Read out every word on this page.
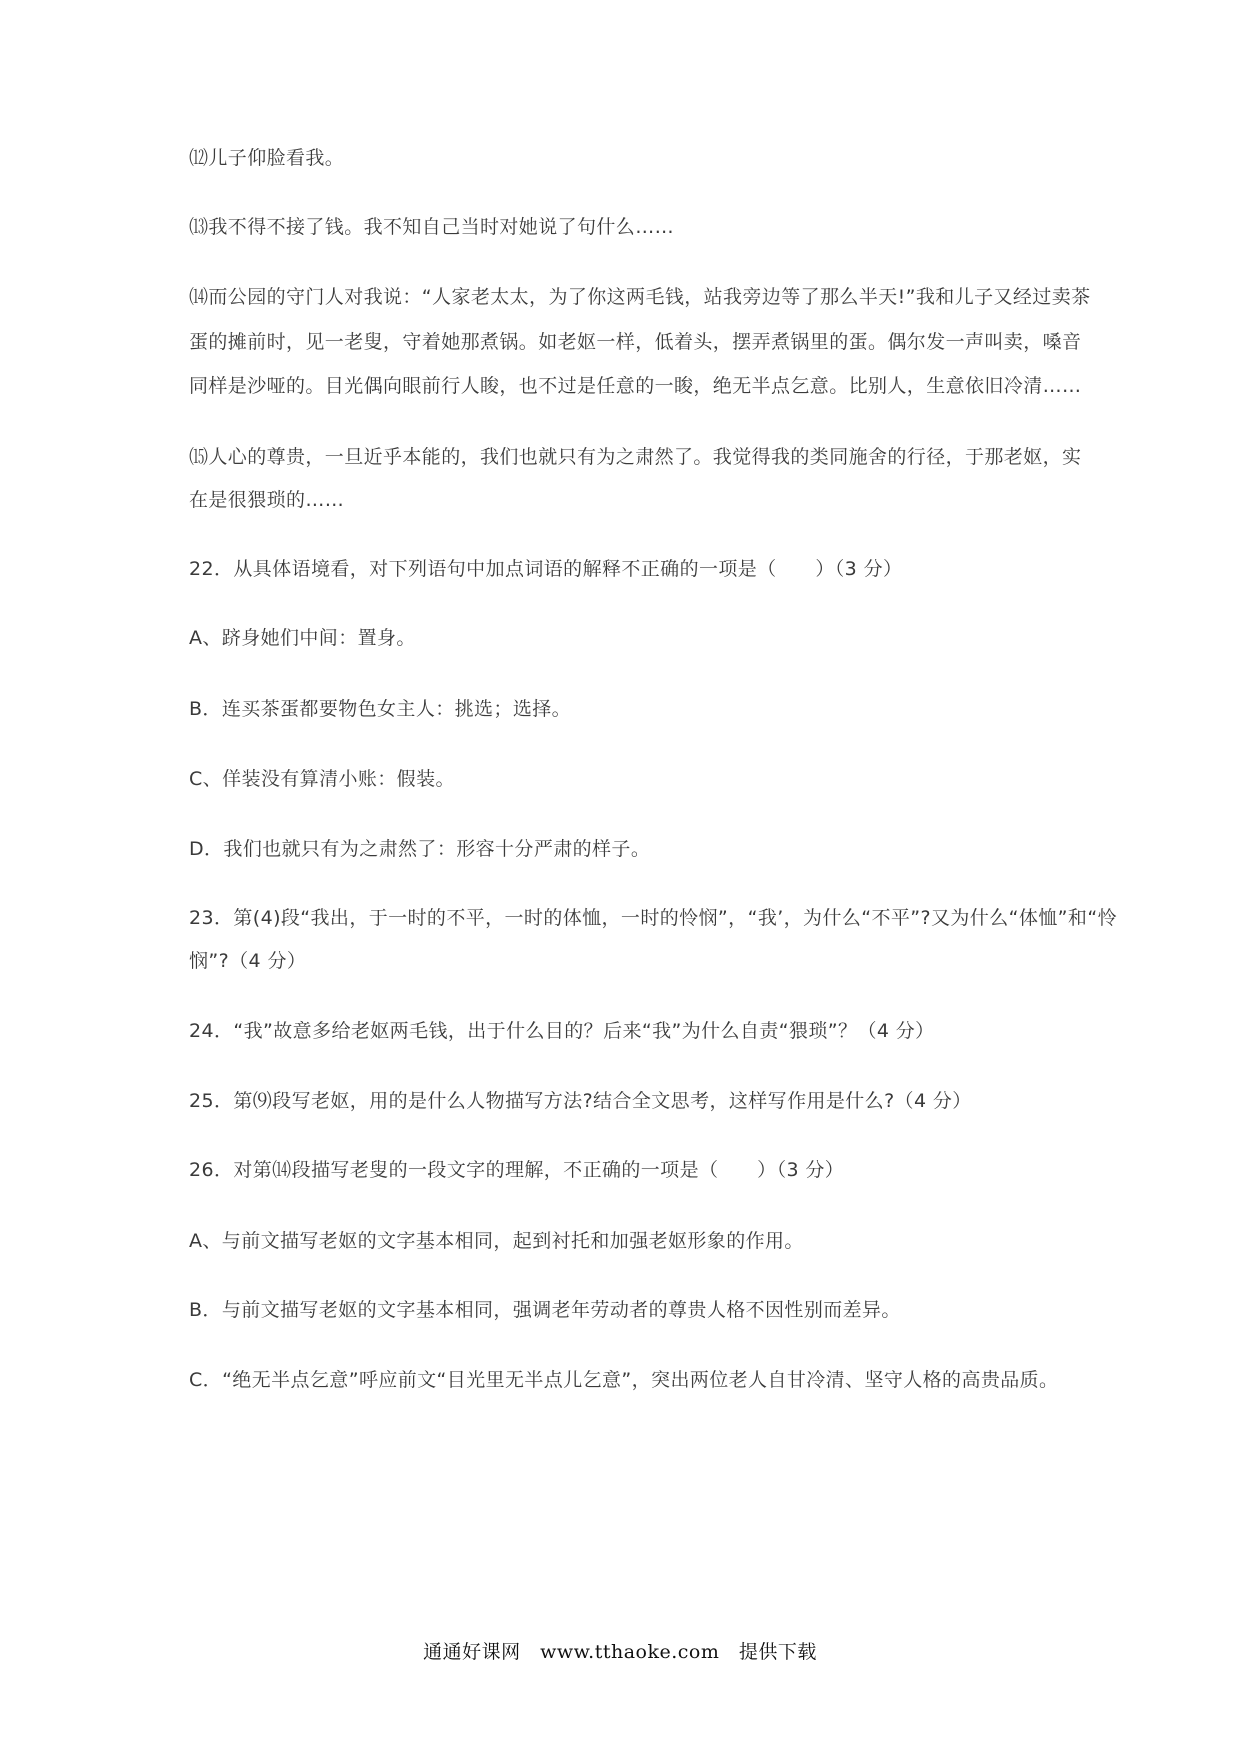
⑿儿子仰脸看我。
⒀我不得不接了钱。我不知自己当时对她说了句什么……
⒁而公园的守门人对我说：“人家老太太，为了你这两毛钱，站我旁边等了那么半天!”我和儿子又经过卖茶
蛋的摊前时，见一老叟，守着她那煮锅。如老妪一样，低着头，摆弄煮锅里的蛋。偶尔发一声叫卖，嗓音
同样是沙哑的。目光偶向眼前行人睃，也不过是任意的一睃，绝无半点乞意。比别人，生意依旧冷清……
⒂人心的尊贵，一旦近乎本能的，我们也就只有为之肃然了。我觉得我的类同施舍的行径，于那老妪，实
在是很猥琐的……
22．从具体语境看，对下列语句中加点词语的解释不正确的一项是（　　）（3 分）
A、跻身她们中间：置身。
B．连买茶蛋都要物色女主人：挑选；选择。
C、佯装没有算清小账：假装。
D．我们也就只有为之肃然了：形容十分严肃的样子。
23．第(4)段“我出，于一时的不平，一时的体恤，一时的怜悯”，“我’，为什么“不平”?又为什么“体恤”和“怜
悯”?（4 分）
24．“我”故意多给老妪两毛钱，出于什么目的？后来“我”为什么自责“猥琐”？（4 分）
25．第⑼段写老妪，用的是什么人物描写方法?结合全文思考，这样写作用是什么?（4 分）
26．对第⒁段描写老叟的一段文字的理解，不正确的一项是（　　）（3 分）
A、与前文描写老妪的文字基本相同，起到衬托和加强老妪形象的作用。
B．与前文描写老妪的文字基本相同，强调老年劳动者的尊贵人格不因性别而差异。
C．“绝无半点乞意”呼应前文“目光里无半点儿乞意”，突出两位老人自甘冷清、坚守人格的高贵品质。
通通好课网　www.tthaoke.com　提供下载
